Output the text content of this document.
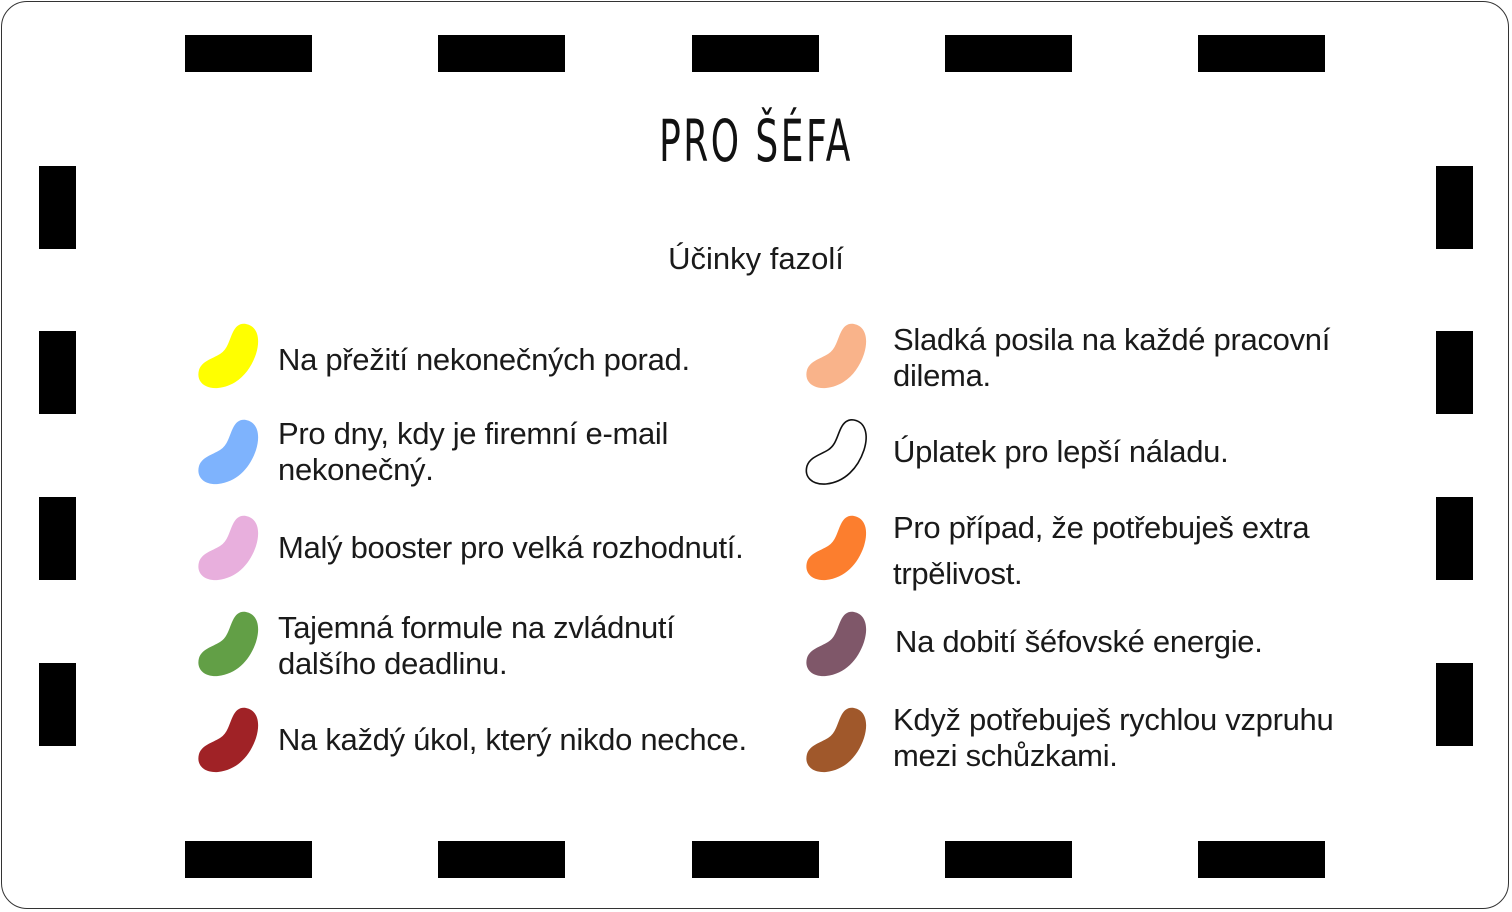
PRO ŠÉFA
Účinky fazolí
Na přežití nekonečných porad.
Pro dny, kdy je firemní e-mail nekonečný.
Malý booster pro velká rozhodnutí.
Tajemná formule na zvládnutí dalšího deadlinu.
Na každý úkol, který nikdo nechce.
Sladká posila na každé pracovní dilema.
Úplatek pro lepší náladu.
Pro případ, že potřebuješ extra trpělivost.
Na dobití šéfovské energie.
Když potřebuješ rychlou vzpruhu mezi schůzkami.
